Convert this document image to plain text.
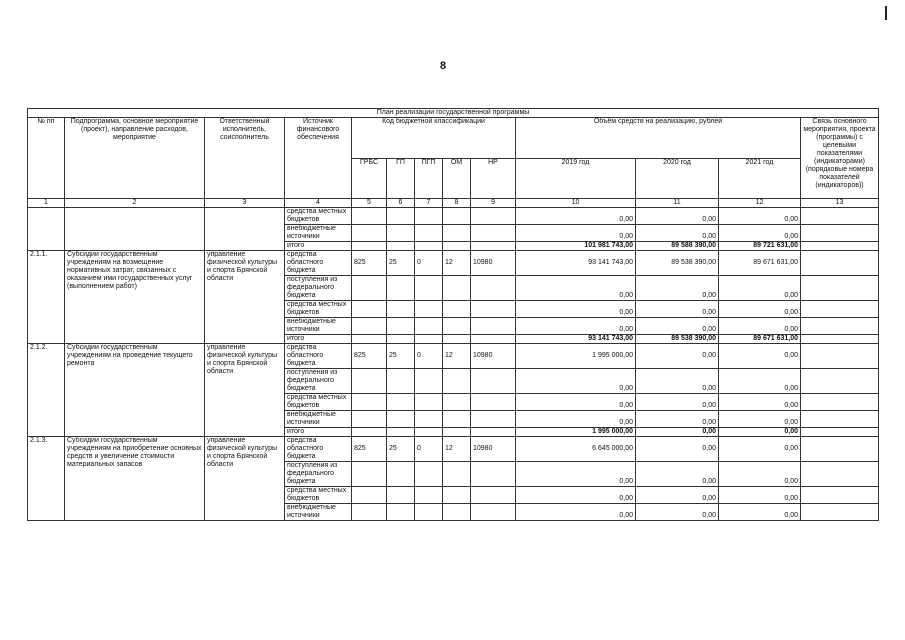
8
План реализации государственной программы												
№ пп	Подпрограмма, основное мероприятие (проект), направление расходов, мероприятие	Ответственный исполнитель, соисполнитель	Источник финансового обеспечения	Код бюджетной классификации					Объём средств на реализацию, рублей			Связь основного мероприятия, проекта (программы) с целевыми показателями (индикаторами) (порядковые номера показателей (индикаторов))
				ГРБС	ГП	ПГП	ОМ	НР	2019 год	2020 год	2021 год	
1	2	3	4	5	6	7	8	9	10	11	12	13
			средства местных бюджетов						0,00	0,00	0,00	
			внебюджетные источники						0,00	0,00	0,00	
			итого						101 981 743,00	89 588 390,00	89 721 631,00	
2.1.1.	Субсидии государственным учреждениям на возмещение нормативных затрат, связанных с оказанием ими государственных услуг (выполнением работ)	управление физической культуры и спорта Брянской области	средства областного бюджета	825	25	0	12	10980	93 141 743,00	89 538 390,00	89 671 631,00	
			поступления из федерального бюджета						0,00	0,00	0,00	
			средства местных бюджетов						0,00	0,00	0,00	
			внебюджетные источники						0,00	0,00	0,00	
			итого						93 141 743,00	89 538 390,00	89 671 631,00	
2.1.2.	Субсидии государственным учреждениям на проведение текущего ремонта	управление физической культуры и спорта Брянской области	средства областного бюджета	825	25	0	12	10980	1 995 000,00	0,00	0,00	
			поступления из федерального бюджета						0,00	0,00	0,00	
			средства местных бюджетов						0,00	0,00	0,00	
			внебюджетные источники						0,00	0,00	0,00	
			итого						1 995 000,00	0,00	0,00	
2.1.3.	Субсидии государственным учреждениям на приобретение основных средств и увеличение стоимости материальных запасов	управление физической культуры и спорта Брянской области	средства областного бюджета	825	25	0	12	10980	6 645 000,00	0,00	0,00	
			поступления из федерального бюджета						0,00	0,00	0,00	
			средства местных бюджетов						0,00	0,00	0,00	
			внебюджетные источники						0,00	0,00	0,00	
